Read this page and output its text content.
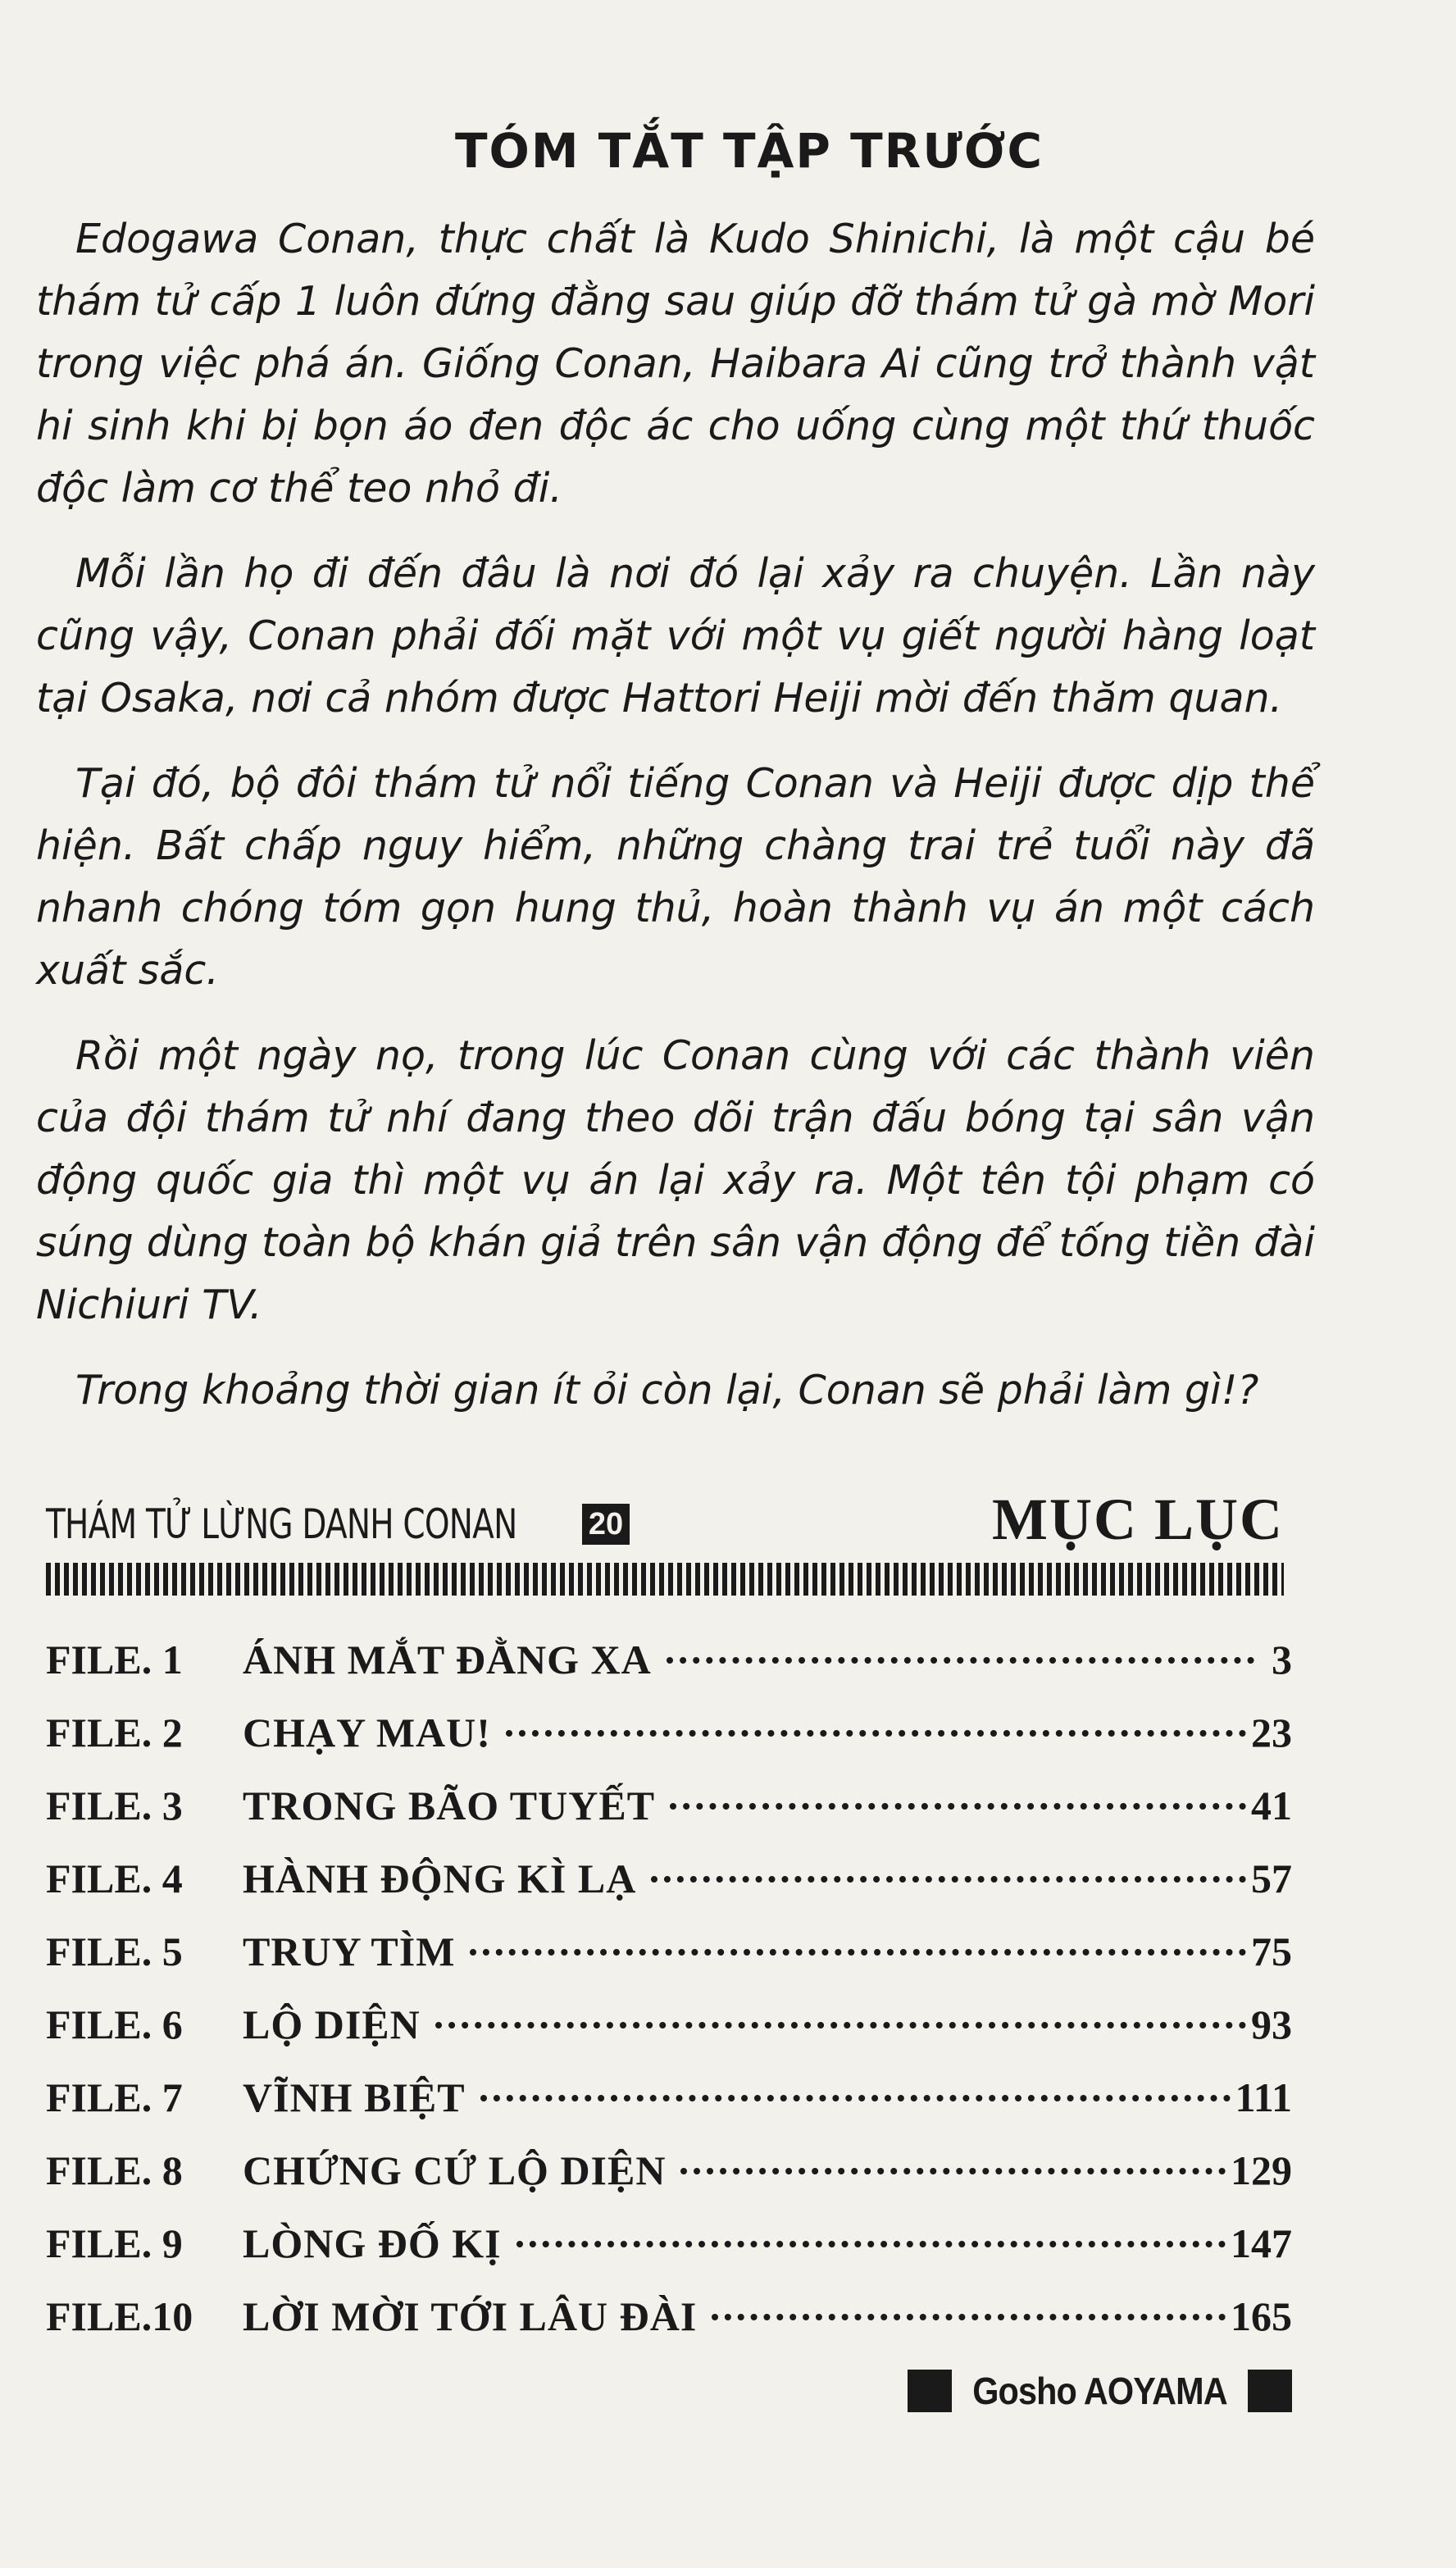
TÓM TẮT TẬP TRƯỚC

Edogawa Conan, thực chất là Kudo Shinichi, là một cậu bé thám tử cấp 1 luôn đứng đằng sau giúp đỡ thám tử gà mờ Mori trong việc phá án. Giống Conan, Haibara Ai cũng trở thành vật hi sinh khi bị bọn áo đen độc ác cho uống cùng một thứ thuốc độc làm cơ thể teo nhỏ đi.

Mỗi lần họ đi đến đâu là nơi đó lại xảy ra chuyện. Lần này cũng vậy, Conan phải đối mặt với một vụ giết người hàng loạt tại Osaka, nơi cả nhóm được Hattori Heiji mời đến thăm quan.

Tại đó, bộ đôi thám tử nổi tiếng Conan và Heiji được dịp thể hiện. Bất chấp nguy hiểm, những chàng trai trẻ tuổi này đã nhanh chóng tóm gọn hung thủ, hoàn thành vụ án một cách xuất sắc.

Rồi một ngày nọ, trong lúc Conan cùng với các thành viên của đội thám tử nhí đang theo dõi trận đấu bóng tại sân vận động quốc gia thì một vụ án lại xảy ra. Một tên tội phạm có súng dùng toàn bộ khán giả trên sân vận động để tống tiền đài Nichiuri TV.

Trong khoảng thời gian ít ỏi còn lại, Conan sẽ phải làm gì!?

THÁM TỬ LỪNG DANH CONAN 20	MỤC LỤC
FILE. 1	ÁNH MẮT ĐẰNG XA	3
FILE. 2	CHẠY MAU!	23
FILE. 3	TRONG BÃO TUYẾT	41
FILE. 4	HÀNH ĐỘNG KÌ LẠ	57
FILE. 5	TRUY TÌM	75
FILE. 6	LỘ DIỆN	93
FILE. 7	VĨNH BIỆT	111
FILE. 8	CHỨNG CỨ LỘ DIỆN	129
FILE. 9	LÒNG ĐỐ KỊ	147
FILE.10	LỜI MỜI TỚI LÂU ĐÀI	165
Gosho AOYAMA
